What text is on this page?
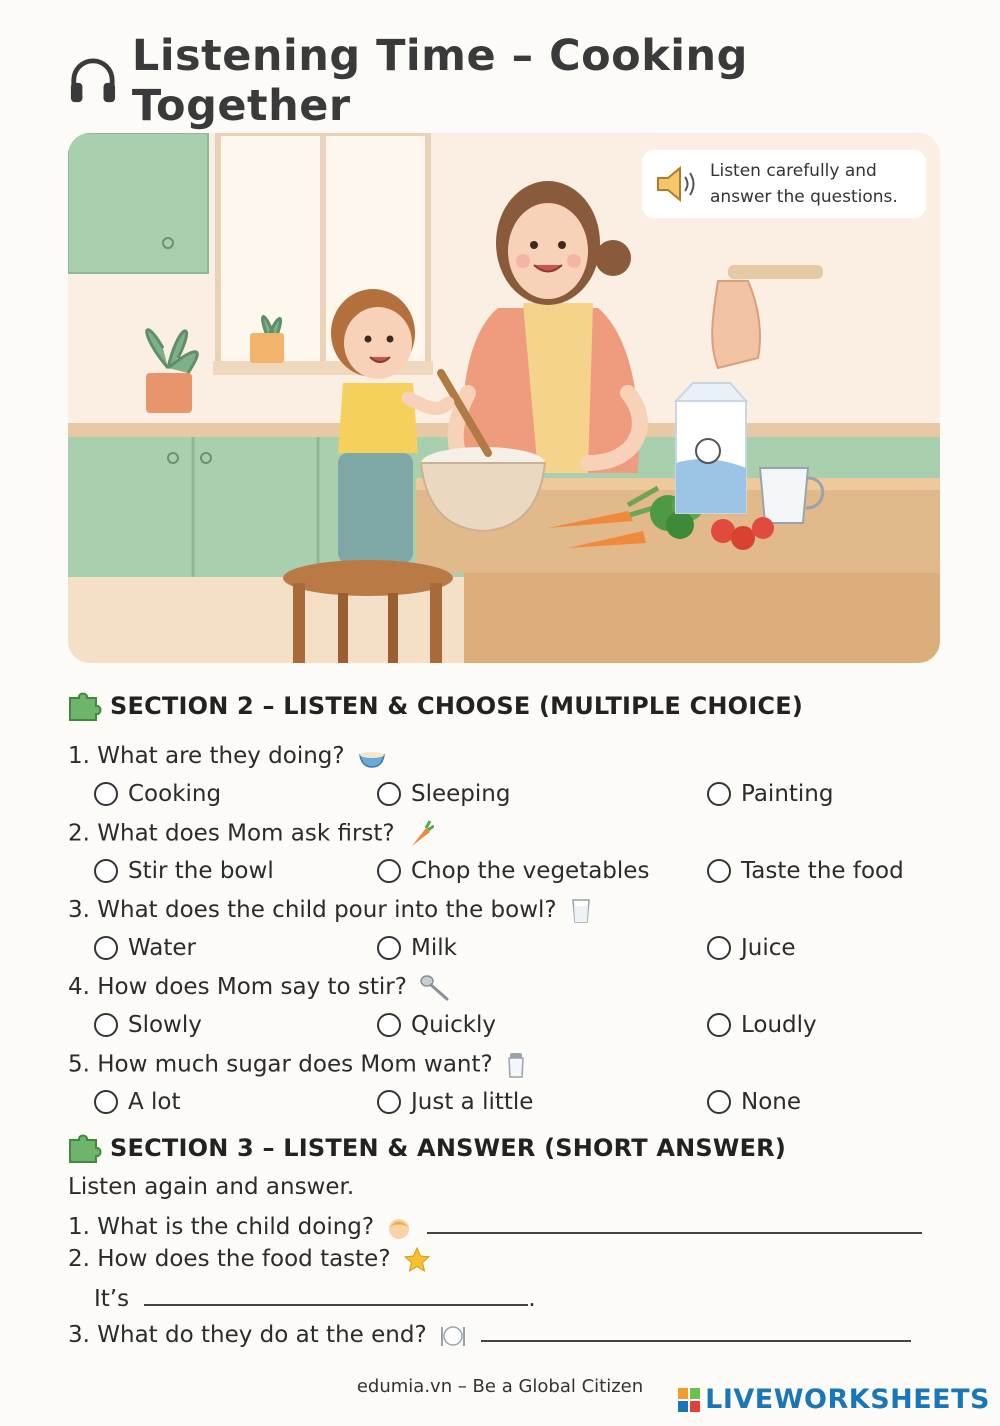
Listening Time – Cooking Together
Listen carefully and answer the questions.
SECTION 2 – LISTEN & CHOOSE (MULTIPLE CHOICE)
1. What are they doing?
Cooking	Sleeping	Painting
2. What does Mom ask first?
Stir the bowl	Chop the vegetables	Taste the food
3. What does the child pour into the bowl?
Water	Milk	Juice
4. How does Mom say to stir?
Slowly	Quickly	Loudly
5. How much sugar does Mom want?
A lot	Just a little	None
SECTION 3 – LISTEN & ANSWER (SHORT ANSWER)
Listen again and answer.
1. What is the child doing?
2. How does the food taste?
It’s	.
3. What do they do at the end?
edumia.vn – Be a Global Citizen	LIVEWORKSHEETS
